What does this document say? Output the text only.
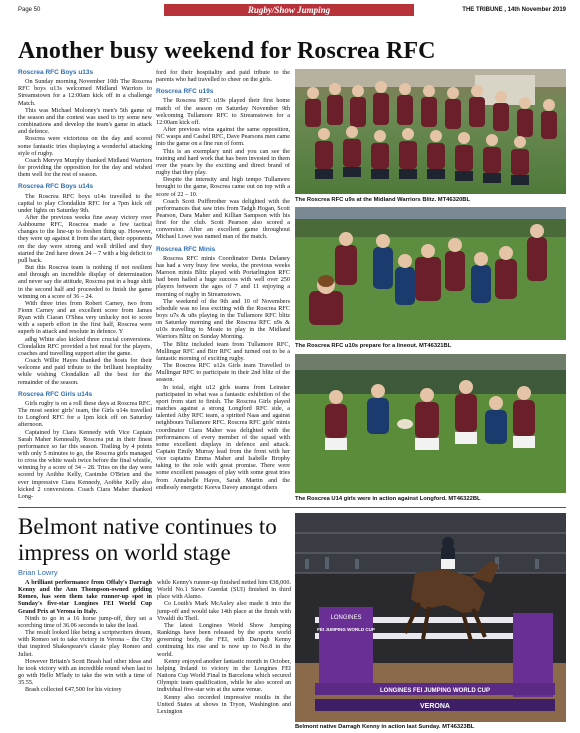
Page 50	Rugby/Show Jumping	THE TRIBUNE , 14th November 2019
Another busy weekend for Roscrea RFC

Roscrea RFC Boys u13s

On Sunday morning November 10th The Roscrea RFC boys u13s welcomed Midland Warriors to Streamstown for a 12:00am kick off in a challenge Match.

This was Michael Moloney's men's 5th game of the season and the contest was used to try some new combinations and develop the team's game in attack and defence.

Roscrea were victorious on the day and scored some fantastic tries displaying a wonderful attacking style of rugby.

Coach Mervyn Murphy thanked Midland Warriors for providing the opposition for the day and wished them well for the rest of season.

Roscrea RFC Boys u14s

The Roscrea RFC boys u14s travelled to the capital to play Clondalkin RFC for a 7pm kick off under lights on Saturday 9th.

After the previous weeks fine away victory over Ashbourne RFC, Roscrea made a few tactical changes to the line-up to freshen thing up. However, they were up against it from the start, their opponents on the day were strong and well drilled and they started the 2nd have down 24 – 7 with a big deficit to pull back.

But this Roscrea team is nothing if not resilient and through an incredible display of determination and never say die attitude, Roscrea put in a huge shift in the second half and proceeded to finish the game winning on a score of 36 – 24.

With three tries from Robert Carney, two from Fionn Carney and an excellent score from James Ryan with Ciaran O'Shea very unlucky not to score with a superb effort in the first half, Roscrea were superb in attack and resolute in defence. Y

adhg White also kicked three crucial conversions. Clondalkin RFC provided a hot meal for the players, coaches and travelling support after the game.

Coach Willie Hayes thanked the hosts for their welcome and paid tribute to the brilliant hospitality while wishing Clondalkin all the best for the remainder of the season.

Roscrea RFC Girls u14s

Girls rugby is on a roll these days at Roscrea RFC. The most senior girls' team, the Girls u14s travelled to Longford RFC for a 1pm kick off on Saturday afternoon.

Captained by Ciara Kennedy with Vice Captain Sarah Maher Kenneally, Roscrea put in their finest performance so far this season. Trailing by 4 points with only 5 minutes to go, the Roscrea girls managed to cross the white wash twice before the final whistle, winning by a score of 34 – 28. Tries on the day were scored by Aoibhe Kelly, Caoimhe O'Brien and the ever impressive Ciara Kennedy, Aoibhe Kelly also kicked 2 conversions. Coach Ciara Maher thanked Long-

ford for their hospitality and paid tribute to the parents who had travelled to cheer on the girls.

Roscrea RFC u19s

The Roscrea RFC u19s played their first home match of the season on Saturday November 9th welcoming Tullamore RFC to Streamstown for a 12:00am kick off.

After previous wins against the same opposition, NC wasps and Cashel RFC, Dave Pearsons men came into the game on a fine run of form.

This is an exemplary unit and you can see the training and hard work that has been invested in them over the years by the exciting and direct brand of rugby that they play.

Despite the intensity and high tempo Tullamore brought to the game, Roscrea came out on top with a score of 22 – 10.

Coach Scott Puffbrother was delighted with the performances that saw tries from Tadgh Hogan, Scott Pearson, Dara Maher and Killian Sampson with his first for the club. Scott Pearson also scored a conversion. After an excellent game throughout Michael Lowe was named man of the match.

Roscrea RFC Minis

Roscrea RFC minis Coordinator Denis Delaney has had a very busy few weeks, the previous weeks Maroon minis Blitz played with Portarlington RFC had been hailed a huge success with well over 250 players between the ages of 7 and 11 enjoying a morning of rugby in Streamstown.

The weekend of the 9th and 10 of Novembers schedule was no less exciting with the Roscrea RFC boys u7s & u8s playing in the Tullamore RFC blitz on Saturday morning and the Roscrea RFC u9s & u10s travelling to Moate to play in the Midland Warriors Blitz on Sunday Morning.

The Blitz included team from Tullamore RFC, Mullingar RFC and Birr RFC and turned out to be a fantastic morning of exciting rugby.

The Roscrea RFC u12s Girls team Travelled to Mullingar RFC to participate in their 2nd blitz of the season.

In total, eight u12 girls teams from Leinster participated in what was a fantastic exhibition of the sport from start to finish. The Roscrea Girls played matches against a strong Longford RFC side, a talented Athy RFC team, a spirited Naas and against neighbours Tullamore RFC. Roscrea RFC girls' minis coordinator Ciara Maher was delighted with the performances of every member of the squad with some excellent displays in defence and attack. Captain Emily Murray lead from the front with her vice captains Emma Maher and Isabelle Brophy taking to the role with great promise. There were some excellent passages of play with some great tries from Annabelle Hayes, Sarah Martin and the endlessly energetic Keeva Davey amongst others

The Roscrea RFC u9s at the Midland Warriors Blitz. MT46320BL
The Roscrea RFC u10s prepare for a lineout. MT46321BL
The Roscrea U14 girls were in action against Longford. MT46322BL
Belmont native continues to impress on world stage
Brian Lowry

A brilliant performance from Offaly's Darragh Kenny and the Ann Thompson-owned gelding Romeo, has seen them take runner-up spot in Sunday's five-star Longines FEI World Cup Grand Prix at Verona in Italy.

Ninth to go in a 16 horse jump-off, they set a scorching time of 36.06 seconds to take the lead.

The result looked like being a scriptwriters dream, with Romeo set to take victory in Verona – the City that inspired Shakespeare's classic play Romeo and Juliet.

However Britain's Scott Brash had other ideas and he took victory with an incredible round when last to go with Hello M'lady to take the win with a time of 35.55.

Brash collected €47,500 for his victory

while Kenny's runner-up finished netted him €38,000. World No.1 Steve Guerdat (SUI) finished in third place with Alamo.

Co Louth's Mark McAuley also made it into the jump-off and would take 14th place at the finish with Vivaldi du Theil.

The latest Longines World Show Jumping Rankings have been released by the sports world governing body, the FEI, with Darragh Kenny continuing his rise and is now up to No.8 in the world.

Kenny enjoyed another fantastic month in October, helping Ireland to victory in the Longines FEI Nations Cup World Final in Barcelona which secured Olympic team qualification, while he also scored an individual five-star win at the same venue.

Kenny also recorded impressive results in the United States at shows in Tryon, Washington and Lexington

LONGINES
FEI JUMPING WORLD CUP
LONGINES FEI JUMPING WORLD CUP
VERONA
Belmont native Darragh Kenny in action last Sunday. MT46323BL
